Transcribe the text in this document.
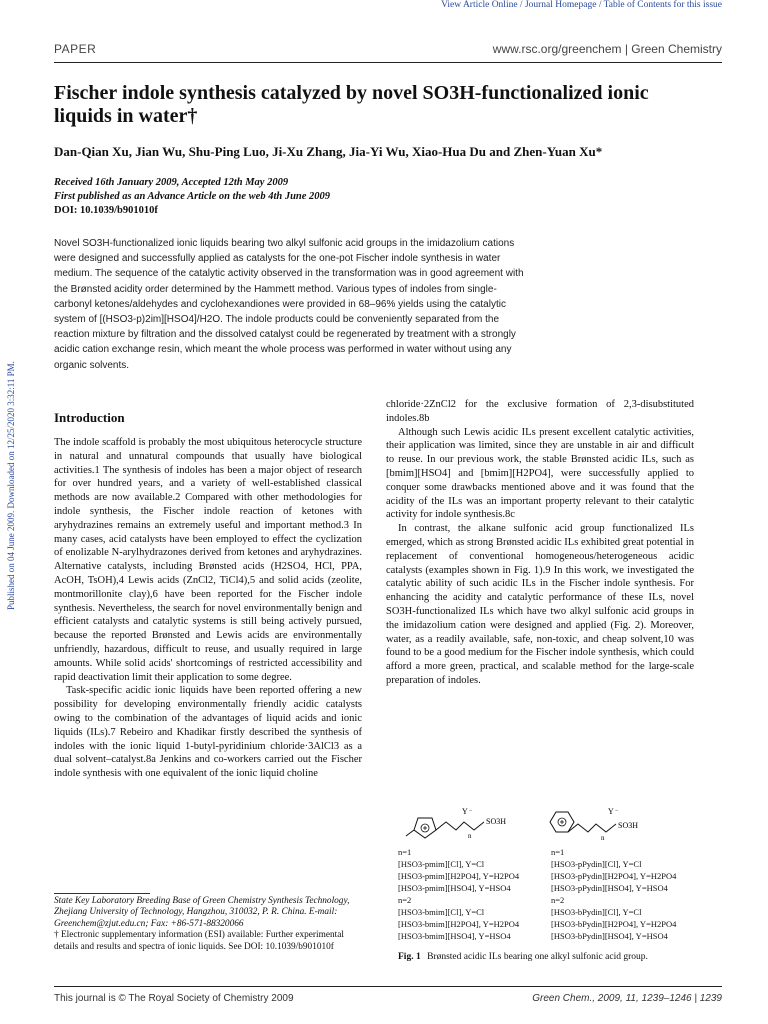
View Article Online / Journal Homepage / Table of Contents for this issue
Published on 04 June 2009. Downloaded on 12/25/2020 3:32:11 PM.
PAPER	www.rsc.org/greenchem | Green Chemistry
Fischer indole synthesis catalyzed by novel SO3H-functionalized ionic liquids in water†
Dan-Qian Xu, Jian Wu, Shu-Ping Luo, Ji-Xu Zhang, Jia-Yi Wu, Xiao-Hua Du and Zhen-Yuan Xu*
Received 16th January 2009, Accepted 12th May 2009
First published as an Advance Article on the web 4th June 2009
DOI: 10.1039/b901010f
Novel SO3H-functionalized ionic liquids bearing two alkyl sulfonic acid groups in the imidazolium cations were designed and successfully applied as catalysts for the one-pot Fischer indole synthesis in water medium. The sequence of the catalytic activity observed in the transformation was in good agreement with the Brønsted acidity order determined by the Hammett method. Various types of indoles from single-carbonyl ketones/aldehydes and cyclohexandiones were provided in 68–96% yields using the catalytic system of [(HSO3-p)2im][HSO4]/H2O. The indole products could be conveniently separated from the reaction mixture by filtration and the dissolved catalyst could be regenerated by treatment with a strongly acidic cation exchange resin, which meant the whole process was performed in water without using any organic solvents.
Introduction

The indole scaffold is probably the most ubiquitous heterocycle structure in natural and unnatural compounds that usually have biological activities.1 The synthesis of indoles has been a major object of research for over hundred years, and a variety of well-established classical methods are now available.2 Compared with other methodologies for indole synthesis, the Fischer indole reaction of ketones with aryhydrazines remains an extremely useful and important method.3 In many cases, acid catalysts have been employed to effect the cyclization of enolizable N-arylhydrazones derived from ketones and aryhydrazines. Alternative catalysts, including Brønsted acids (H2SO4, HCl, PPA, AcOH, TsOH),4 Lewis acids (ZnCl2, TiCl4),5 and solid acids (zeolite, montmorillonite clay),6 have been reported for the Fischer indole synthesis. Nevertheless, the search for novel environmentally benign and efficient catalysts and catalytic systems is still being actively pursued, because the reported Brønsted and Lewis acids are environmentally unfriendly, hazardous, difficult to reuse, and usually required in large amounts. While solid acids' shortcomings of restricted accessibility and rapid deactivation limit their application to some degree.

Task-specific acidic ionic liquids have been reported offering a new possibility for developing environmentally friendly acidic catalysts owing to the combination of the advantages of liquid acids and ionic liquids (ILs).7 Rebeiro and Khadikar firstly described the synthesis of indoles with the ionic liquid 1-butyl-pyridinium chloride·3AlCl3 as a dual solvent–catalyst.8a Jenkins and co-workers carried out the Fischer indole synthesis with one equivalent of the ionic liquid choline

chloride·2ZnCl2 for the exclusive formation of 2,3-disubstituted indoles.8b

Although such Lewis acidic ILs present excellent catalytic activities, their application was limited, since they are unstable in air and difficult to reuse. In our previous work, the stable Brønsted acidic ILs, such as [bmim][HSO4] and [bmim][H2PO4], were successfully applied to conquer some drawbacks mentioned above and it was found that the acidity of the ILs was an important property relevant to their catalytic activity for indole synthesis.8c

In contrast, the alkane sulfonic acid group functionalized ILs emerged, which as strong Brønsted acidic ILs exhibited great potential in replacement of conventional homogeneous/heterogeneous acidic catalysts (examples shown in Fig. 1).9 In this work, we investigated the catalytic ability of such acidic ILs in the Fischer indole synthesis. For enhancing the acidity and catalytic performance of these ILs, novel SO3H-functionalized ILs which have two alkyl sulfonic acid groups in the imidazolium cation were designed and applied (Fig. 2). Moreover, water, as a readily available, safe, non-toxic, and cheap solvent,10 was found to be a good medium for the Fischer indole synthesis, which could afford a more green, practical, and scalable method for the large-scale preparation of indoles.

Y −
SO3H
n
Y −
SO3H
n
n=1
[HSO3-pmim][Cl], Y=Cl
[HSO3-pmim][H2PO4], Y=H2PO4
[HSO3-pmim][HSO4], Y=HSO4
n=2
[HSO3-bmim][Cl], Y=Cl
[HSO3-bmim][H2PO4], Y=H2PO4
[HSO3-bmim][HSO4], Y=HSO4
n=1
[HSO3-pPydin][Cl], Y=Cl
[HSO3-pPydin][H2PO4], Y=H2PO4
[HSO3-pPydin][HSO4], Y=HSO4
n=2
[HSO3-bPydin][Cl], Y=Cl
[HSO3-bPydin][H2PO4], Y=H2PO4
[HSO3-bPydin][HSO4], Y=HSO4
Fig. 1 Brønsted acidic ILs bearing one alkyl sulfonic acid group.
State Key Laboratory Breeding Base of Green Chemistry Synthesis Technology, Zhejiang University of Technology, Hangzhou, 310032, P. R. China. E-mail: Greenchem@zjut.edu.cn; Fax: +86-571-88320066
† Electronic supplementary information (ESI) available: Further experimental details and results and spectra of ionic liquids. See DOI: 10.1039/b901010f
This journal is © The Royal Society of Chemistry 2009	Green Chem., 2009, 11, 1239–1246 | 1239
